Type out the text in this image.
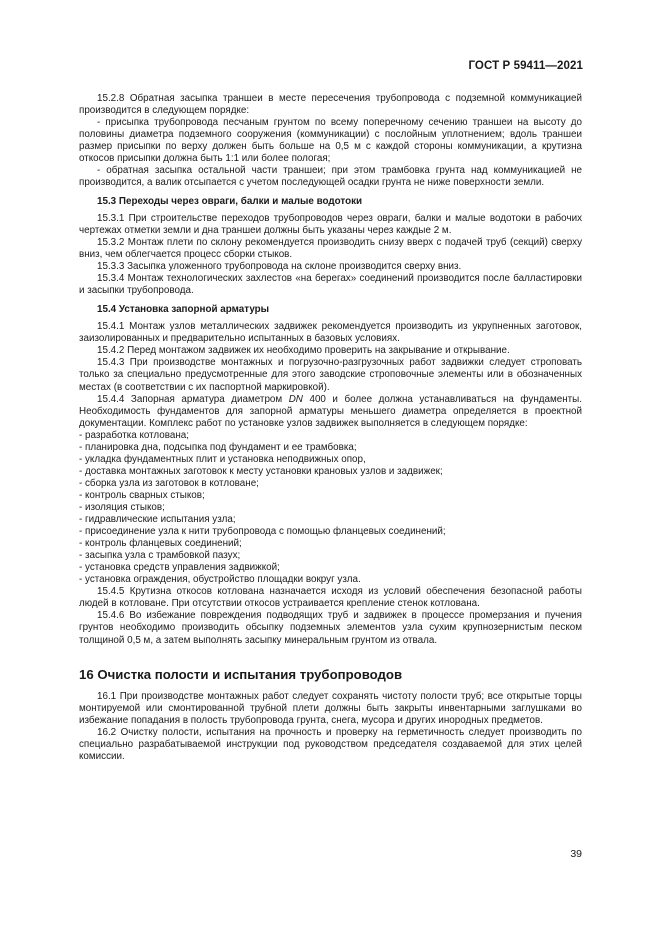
ГОСТ Р 59411—2021

15.2.8 Обратная засыпка траншеи в месте пересечения трубопровода с подземной коммуникацией производится в следующем порядке:

- присыпка трубопровода песчаным грунтом по всему поперечному сечению траншеи на высоту до половины диаметра подземного сооружения (коммуникации) с послойным уплотнением; вдоль траншеи размер присыпки по верху должен быть больше на 0,5 м с каждой стороны коммуникации, а крутизна откосов присыпки должна быть 1:1 или более пологая;

- обратная засыпка остальной части траншеи; при этом трамбовка грунта над коммуникацией не производится, а валик отсыпается с учетом последующей осадки грунта не ниже поверхности земли.

15.3 Переходы через овраги, балки и малые водотоки

15.3.1 При строительстве переходов трубопроводов через овраги, балки и малые водотоки в рабочих чертежах отметки земли и дна траншеи должны быть указаны через каждые 2 м.

15.3.2 Монтаж плети по склону рекомендуется производить снизу вверх с подачей труб (секций) сверху вниз, чем облегчается процесс сборки стыков.

15.3.3 Засыпка уложенного трубопровода на склоне производится сверху вниз.

15.3.4 Монтаж технологических захлестов «на берегах» соединений производится после балластировки и засыпки трубопровода.

15.4 Установка запорной арматуры

15.4.1 Монтаж узлов металлических задвижек рекомендуется производить из укрупненных заготовок, заизолированных и предварительно испытанных в базовых условиях.

15.4.2 Перед монтажом задвижек их необходимо проверить на закрывание и открывание.

15.4.3 При производстве монтажных и погрузочно-разгрузочных работ задвижки следует строповать только за специально предусмотренные для этого заводские строповочные элементы или в обозначенных местах (в соответствии с их паспортной маркировкой).

15.4.4 Запорная арматура диаметром DN 400 и более должна устанавливаться на фундаменты. Необходимость фундаментов для запорной арматуры меньшего диаметра определяется в проектной документации. Комплекс работ по установке узлов задвижек выполняется в следующем порядке:

- разработка котлована;

- планировка дна, подсыпка под фундамент и ее трамбовка;

- укладка фундаментных плит и установка неподвижных опор,

- доставка монтажных заготовок к месту установки крановых узлов и задвижек;

- сборка узла из заготовок в котловане;

- контроль сварных стыков;

- изоляция стыков;

- гидравлические испытания узла;

- присоединение узла к нити трубопровода с помощью фланцевых соединений;

- контроль фланцевых соединений;

- засыпка узла с трамбовкой пазух;

- установка средств управления задвижкой;

- установка ограждения, обустройство площадки вокруг узла.

15.4.5 Крутизна откосов котлована назначается исходя из условий обеспечения безопасной работы людей в котловане. При отсутствии откосов устраивается крепление стенок котлована.

15.4.6 Во избежание повреждения подводящих труб и задвижек в процессе промерзания и пучения грунтов необходимо производить обсыпку подземных элементов узла сухим крупнозернистым песком толщиной 0,5 м, а затем выполнять засыпку минеральным грунтом из отвала.

16 Очистка полости и испытания трубопроводов

16.1 При производстве монтажных работ следует сохранять чистоту полости труб; все открытые торцы монтируемой или смонтированной трубной плети должны быть закрыты инвентарными заглушками во избежание попадания в полость трубопровода грунта, снега, мусора и других инородных предметов.

16.2 Очистку полости, испытания на прочность и проверку на герметичность следует производить по специально разрабатываемой инструкции под руководством председателя создаваемой для этих целей комиссии.

39
